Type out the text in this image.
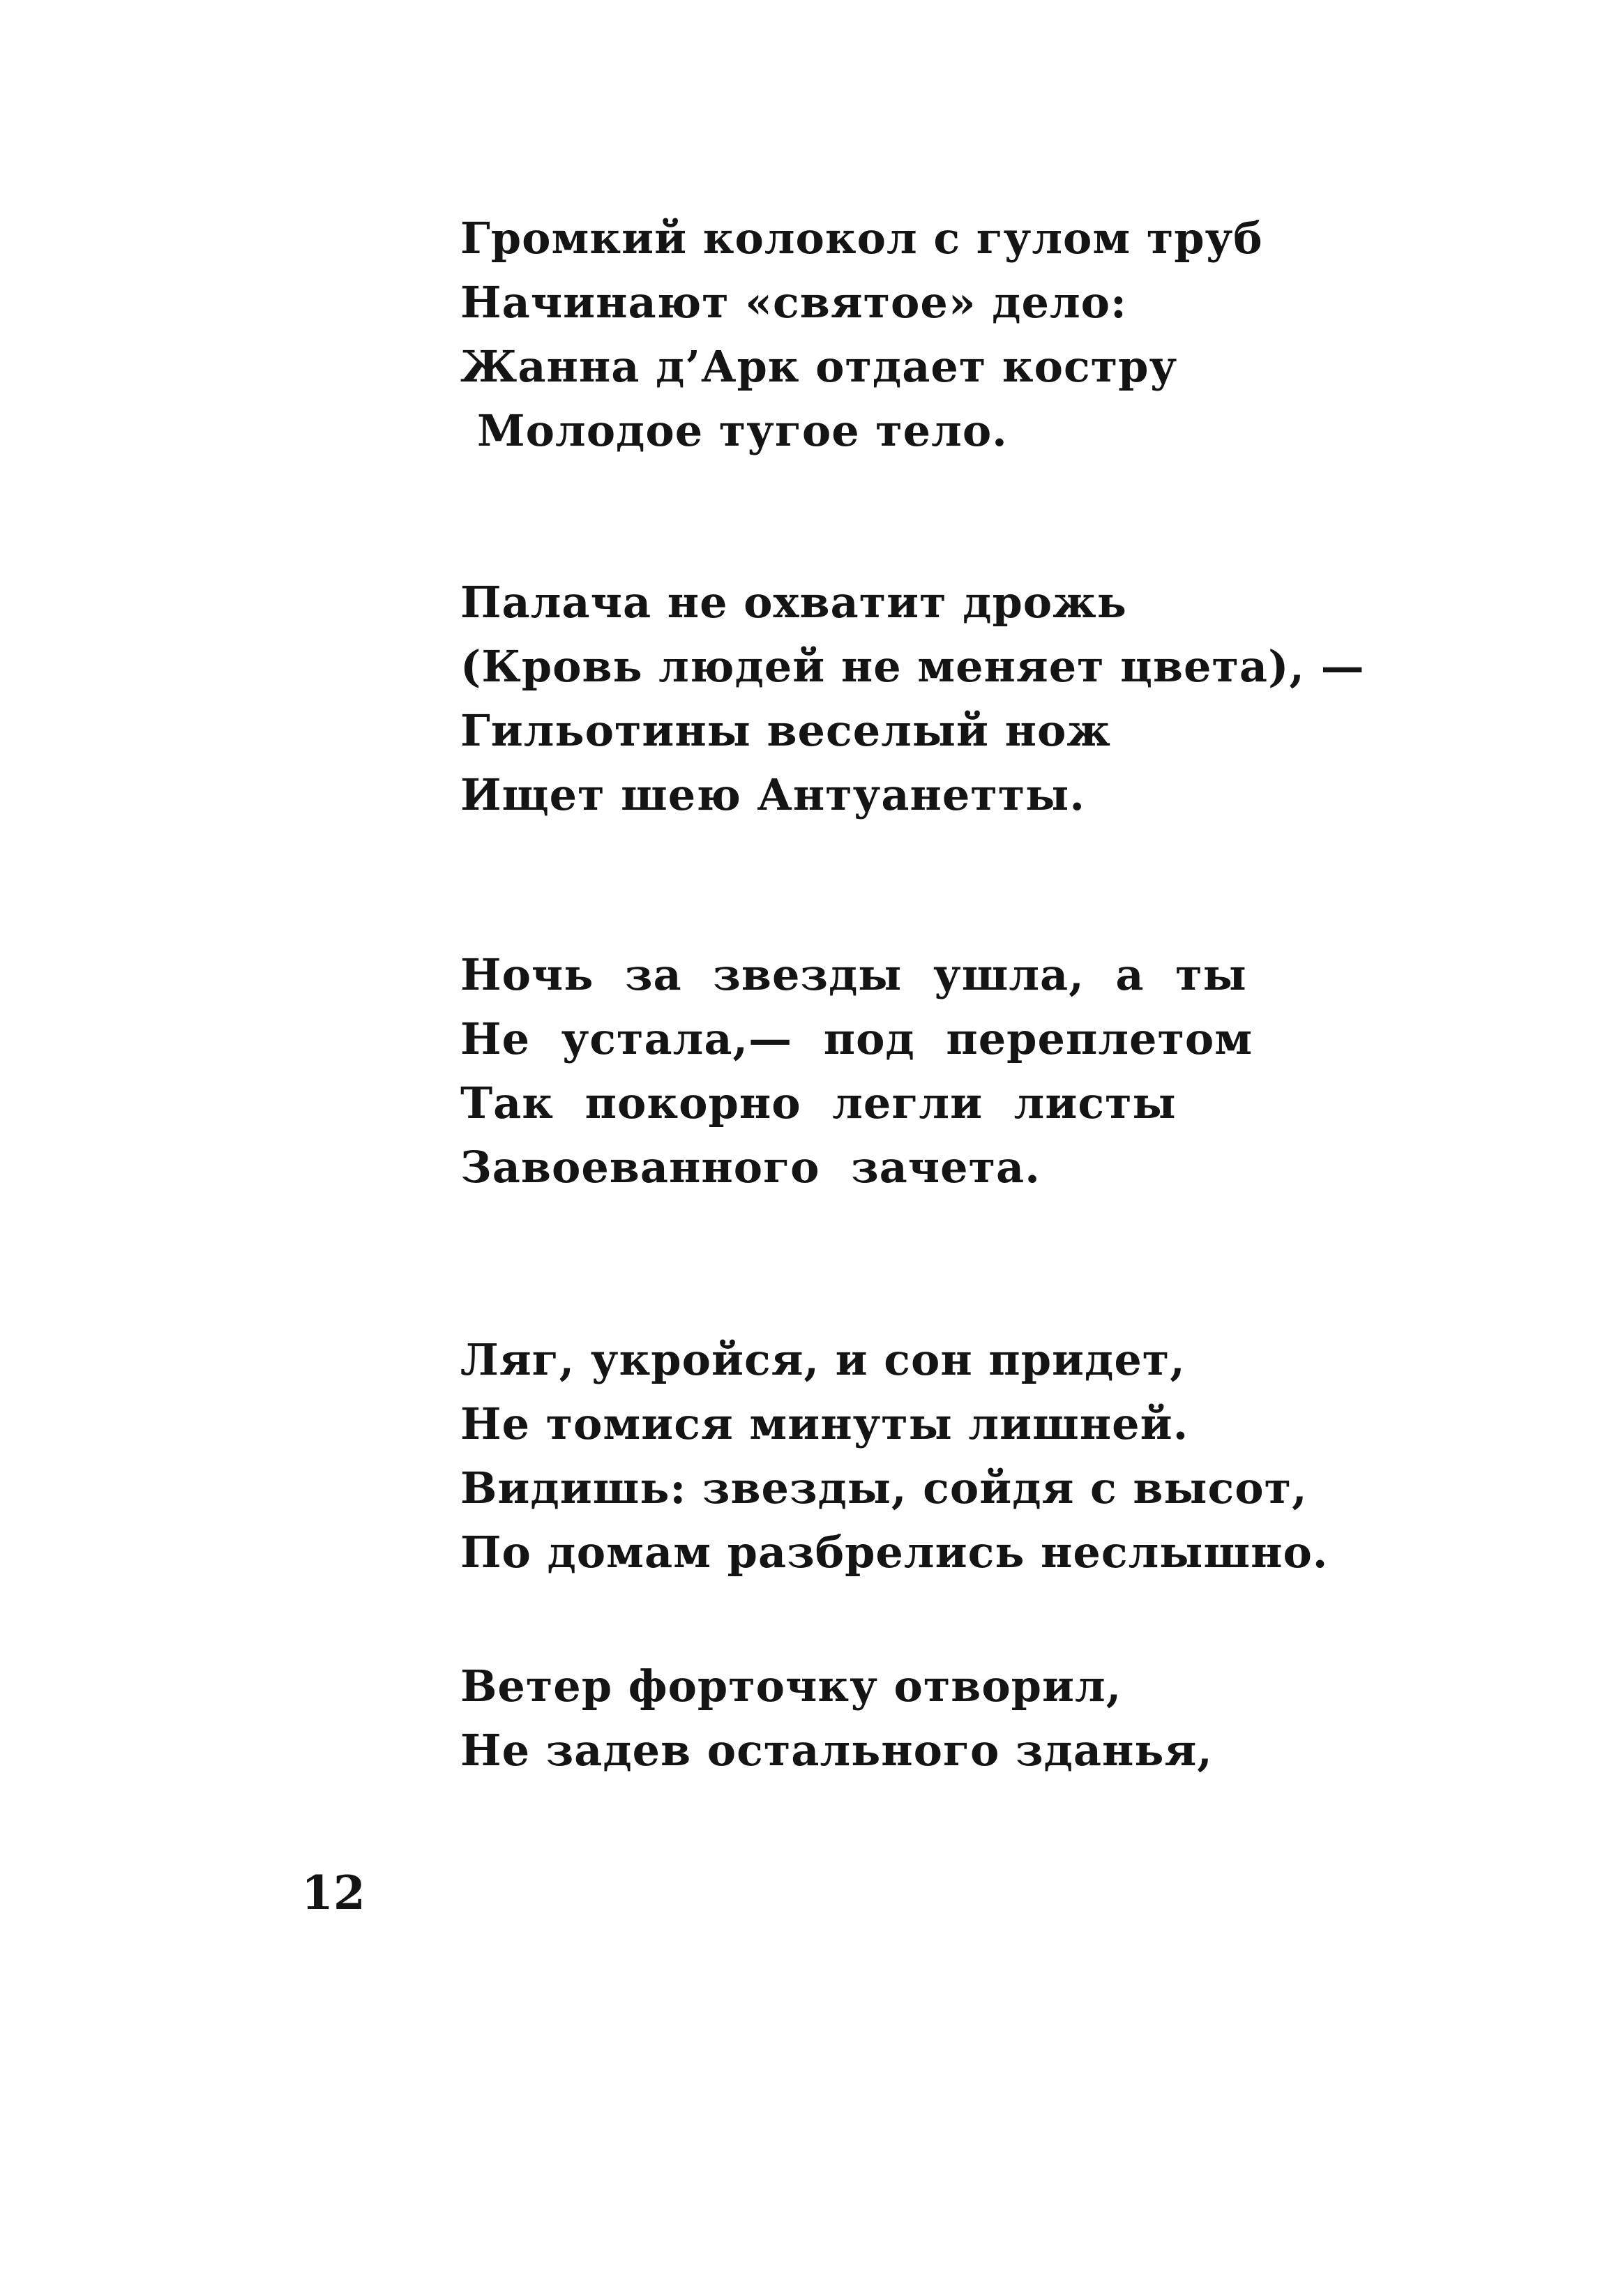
Громкий колокол с гулом труб
Начинают «святое» дело:
Жанна д’Арк отдает костру
Молодое тугое тело.
Палача не охватит дрожь
(Кровь людей не меняет цвета), —
Гильотины веселый нож
Ищет шею Антуанетты.
Ночь за звезды ушла, а ты
Не устала,— под переплетом
Так покорно легли листы
Завоеванного зачета.
Ляг, укройся, и сон придет,
Не томися минуты лишней.
Видишь: звезды, сойдя с высот,
По домам разбрелись неслышно.
Ветер форточку отворил,
Не задев остального зданья,
12
